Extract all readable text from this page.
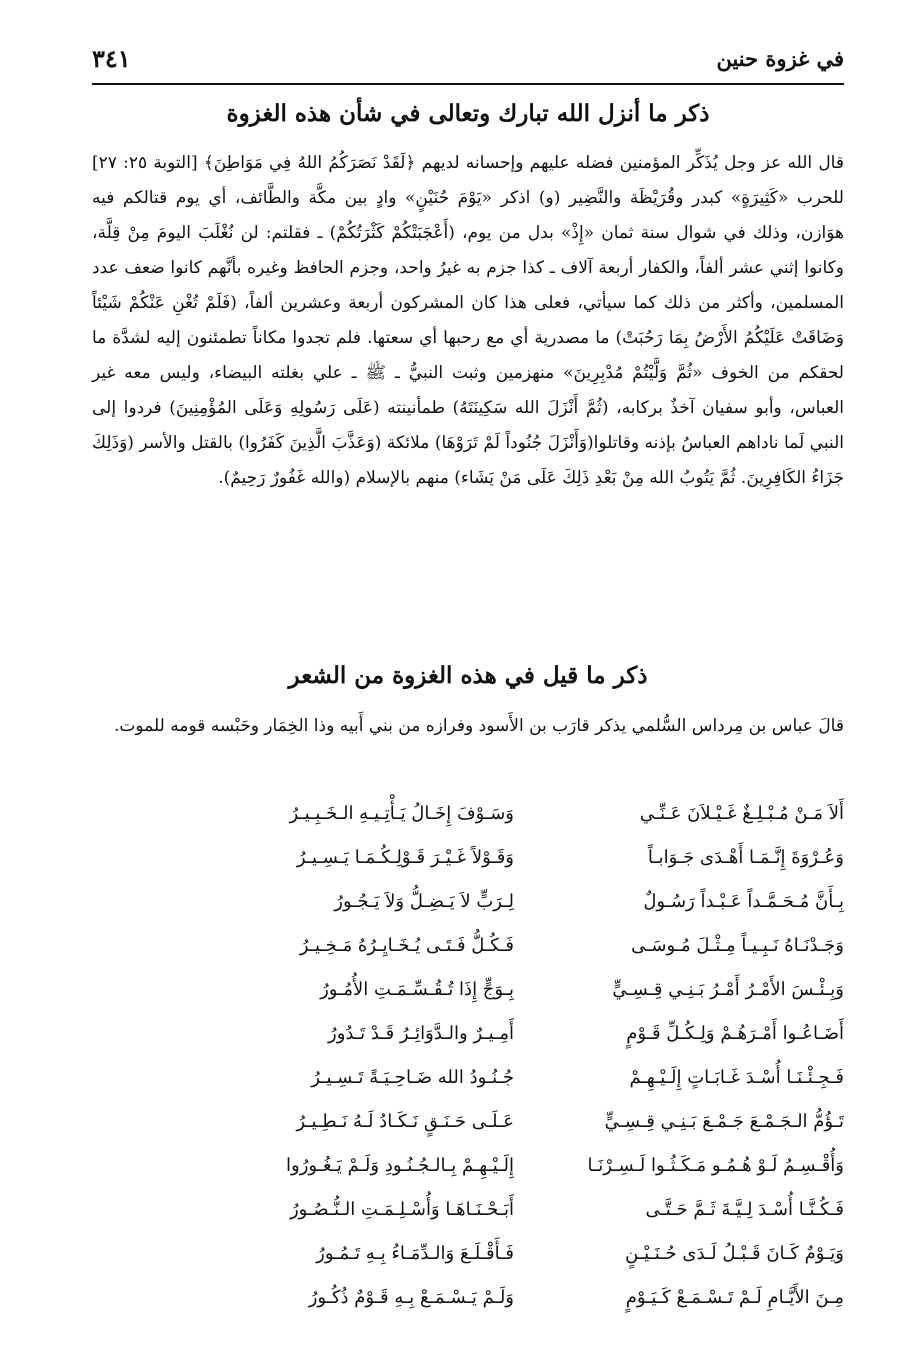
في غزوة حنين
٣٤١
ذكر ما أنزل الله تبارك وتعالى في شأن هذه الغزوة
قال الله عز وجل يُذَكِّر المؤمنين فضله عليهم وإحسانه لديهم ﴿لَقَدْ نَصَرَكُمُ اللهُ فِي مَوَاطِنَ﴾ [التوبة ٢٥: ٢٧] للحرب «كَثِيرَةٍ» كبدر وقُرَيْظَة والنَّضِير (و) اذكر «يَوْمَ حُنَيْنٍ» وادٍ بين مكَّة والطَّائف، أي يوم قتالكم فيه هوَازن، وذلك في شوال سنة ثمان «إِذْ» بدل من يوم، (أَعْجَبَتْكُمْ كَثْرَتُكُمْ) ـ فقلتم: لن نُغْلَبَ اليومَ مِنْ قِلَّة، وكانوا إثني عشر ألفاً، والكفار أربعة آلاف ـ كذا جزم به غيرُ واحد، وجزم الحافظ وغيره بأنَّهم كانوا ضعف عدد المسلمين، وأكثر من ذلك كما سيأتي، فعلى هذا كان المشركون أربعة وعشرين ألفاً، (فَلَمْ تُغْنِ عَنْكُمْ شَيْئاً وَضَاقَتْ عَلَيْكُمُ الأَرْضُ بِمَا رَحُبَتْ) ما مصدرية أي مع رحبها أي سعتها. فلم تجدوا مكاناً تطمئنون إليه لشدَّة ما لحقكم من الخوف «ثُمَّ وَلَّيْتُمْ مُدْبِرِينَ» منهزمين وثبت النبيُّ ـ ﷺ ـ علي بغلته البيضاء، وليس معه غير العباس، وأبو سفيان آخذٌ بركابه، (ثُمَّ أَنْزَلَ الله سَكِينَتَهُ) طمأنينته (عَلَى رَسُولِهِ وَعَلَى المُؤْمِنِينَ) فردوا إلى النبي لَما ناداهم العباسُ بإذنه وقاتلوا(وَأَنْزَلَ جُنُوداً لَمْ تَرَوْهَا) ملائكة (وَعَذَّبَ الَّذِينَ كَفَرُوا) بالقتل والأسر (وَذَلِكَ جَزَاءُ الكَافِرِينَ. ثُمَّ يَتُوبُ الله مِنْ بَعْدِ ذَلِكَ عَلَى مَنْ يَشَاء) منهم بالإسلام (والله غَفُورٌ رَحِيمٌ).
ذكر ما قيل في هذه الغزوة من الشعر
قالَ عباس بن مِرداس السُّلمي يذكر قارَب بن الأَسود وفرازه من بني أَبيه وذا الخِمَار وحَبْسه قومه للموت.
أَلاَ مَـنْ مُـبْـلِـغٌ غَـيْـلاَنَ عَـنِّـي
وَسَـوْفَ إِخَـالُ يَـأْتِـيـهِ الـخَـبِـيـرُ
وَعُـرْوَةَ إِنَّـمَـا أَهْـدَى جَـوَابـاً
وَقَـوْلاً غَـيْـرَ قَـوْلِـكُـمَـا يَـسِـيـرُ
بِـأَنَّ مُـحَـمَّـداً عَـبْـداً رَسُـولٌ
لِـرَبٍّ لاَ يَـضِـلُّ وَلاَ يَـجُـورُ
وَجَـدْنَـاهُ نَـبِـيـاً مِـثْـلَ مُـوسَـى
فَـكُـلُّ فَـتَـى يُـخَـايِـرُهُ مَـخِـيـرُ
وَبِـئْـسَ الأَمْـرُ أَمْـرُ بَـنِـي قِـسِـيٍّ
بِـوَجٍّ إِذَا تُـقُـسِّـمَـتِ الأُمُـورُ
أَضَـاعُـوا أَمْـرَهُـمْ وَلِـكُـلِّ قَـوْمٍ
أَمِـيـرٌ والـدَّوَائِـرُ قَـدْ تَـدُورُ
فَـجِـئْـنَـا أُسْـدَ غَـابَـاتٍ إِلَـيْـهِـمْ
جُـنُـودُ الله ضَـاحِـيَـةً تَـسِـيـرُ
تَـؤُمُّ الـجَـمْـعَ جَـمْـعَ بَـنِـي قِـسِـيٍّ
عَـلَـى حَـنَـقٍ نَـكَـادُ لَـهُ نَـطِـيـرُ
وَأُقْـسِـمُ لَـوْ هُـمُـو مَـكَـثُـوا لَـسِـرْنَـا
إِلَـيْـهِـمْ بِـالـجُـنُـودِ وَلَـمْ يَـغُـورُوا
فَـكُـنَّـا أُسْـدَ لِـيَّـةَ ثَـمَّ حَـتَّـى
أَبَـحْـنَـاهَـا وَأُسْـلِـمَـتِ الـنُّـصُـورُ
وَيَـوْمٌ كَـانَ قَـبْـلُ لَـدَى حُـنَـيْـنٍ
فَـأَقْـلَـعَ وَالـدِّمَـاءُ بِـهِ تَـمُـورُ
مِـنَ الأَيَّـامِ لَـمْ تَـسْـمَـعْ كَـيَـوْمٍ
وَلَـمْ يَـسْـمَـعْ بِـهِ قَـوْمٌ ذُكُـورُ
